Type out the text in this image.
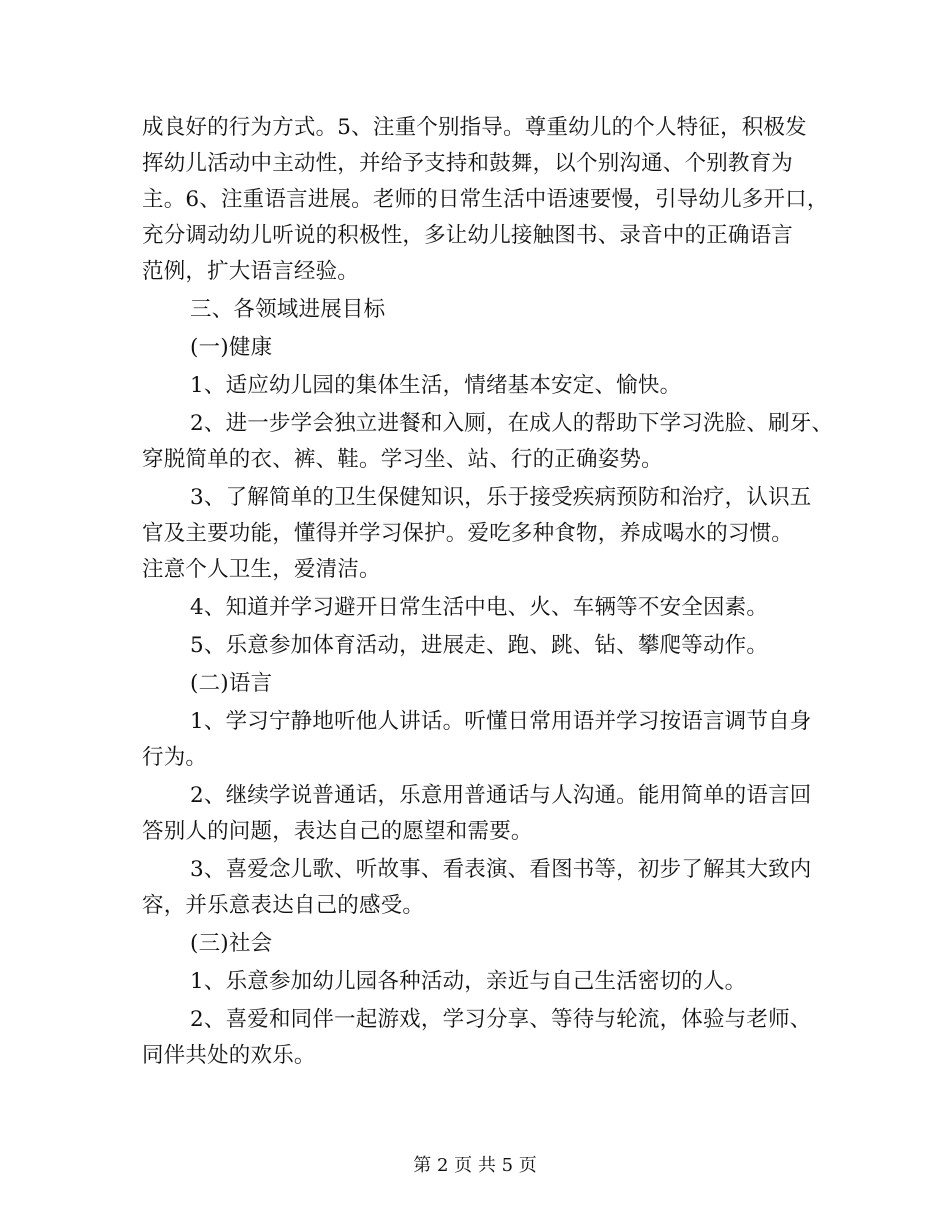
成良好的行为方式。5、注重个别指导。尊重幼儿的个人特征，积极发
挥幼儿活动中主动性，并给予支持和鼓舞，以个别沟通、个别教育为
主。6、注重语言进展。老师的日常生活中语速要慢，引导幼儿多开口，
充分调动幼儿听说的积极性，多让幼儿接触图书、录音中的正确语言
范例，扩大语言经验。
三、各领域进展目标
(一)健康
1、适应幼儿园的集体生活，情绪基本安定、愉快。
2、进一步学会独立进餐和入厕，在成人的帮助下学习洗脸、刷牙、
穿脱简单的衣、裤、鞋。学习坐、站、行的正确姿势。
3、了解简单的卫生保健知识，乐于接受疾病预防和治疗，认识五
官及主要功能，懂得并学习保护。爱吃多种食物，养成喝水的习惯。
注意个人卫生，爱清洁。
4、知道并学习避开日常生活中电、火、车辆等不安全因素。
5、乐意参加体育活动，进展走、跑、跳、钻、攀爬等动作。
(二)语言
1、学习宁静地听他人讲话。听懂日常用语并学习按语言调节自身
行为。
2、继续学说普通话，乐意用普通话与人沟通。能用简单的语言回
答别人的问题，表达自己的愿望和需要。
3、喜爱念儿歌、听故事、看表演、看图书等，初步了解其大致内
容，并乐意表达自己的感受。
(三)社会
1、乐意参加幼儿园各种活动，亲近与自己生活密切的人。
2、喜爱和同伴一起游戏，学习分享、等待与轮流，体验与老师、
同伴共处的欢乐。
第 2 页 共 5 页
